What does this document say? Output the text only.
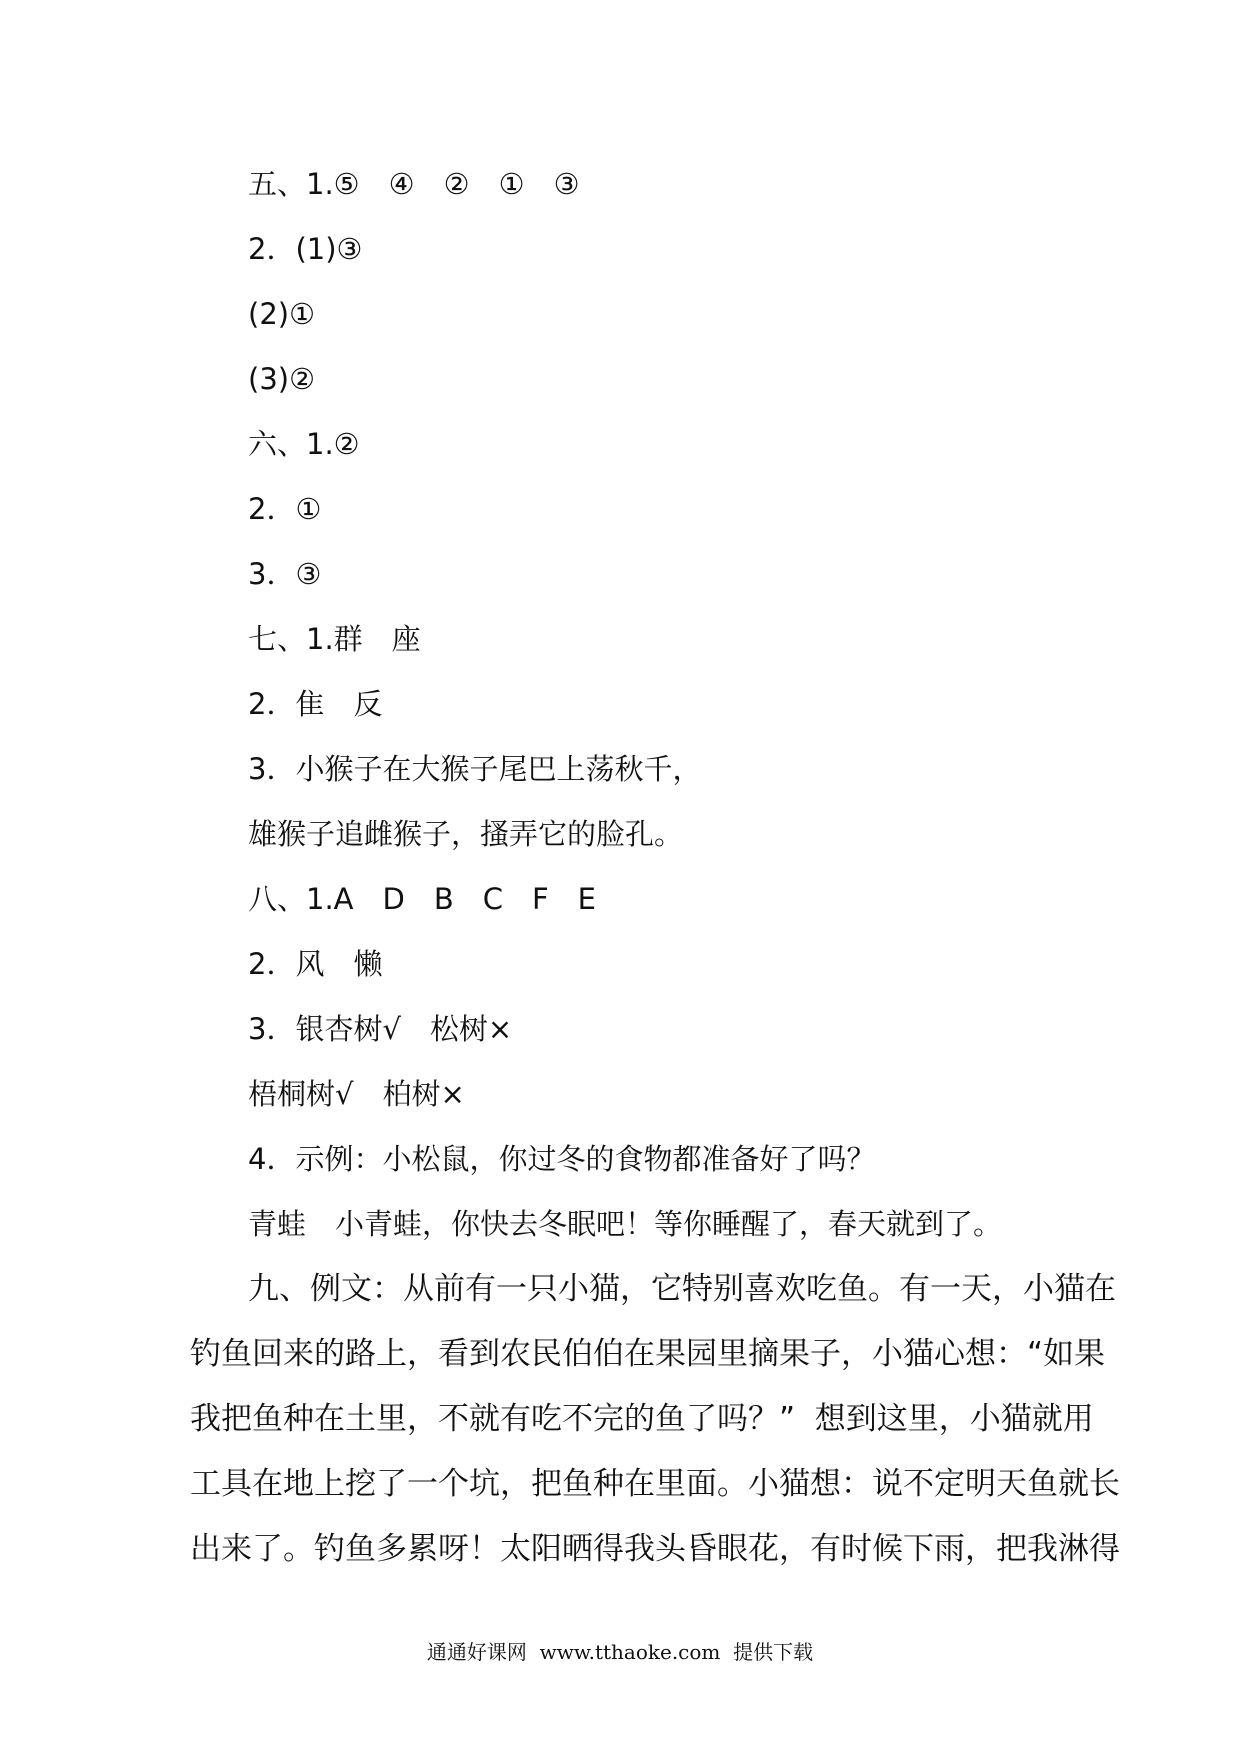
五、1.⑤　④　②　①　③
2．(1)③
(2)①
(3)②
六、1.②
2．①
3．③
七、1.群　座
2．隹　反
3．小猴子在大猴子尾巴上荡秋千，
雄猴子追雌猴子，搔弄它的脸孔。
八、1.A　D　B　C　F　E
2．风　懒
3．银杏树√　松树×
梧桐树√　柏树×
4．示例：小松鼠，你过冬的食物都准备好了吗？
青蛙　小青蛙，你快去冬眠吧！等你睡醒了，春天就到了。
九、例文：从前有一只小猫，它特别喜欢吃鱼。有一天，小猫在
钓鱼回来的路上，看到农民伯伯在果园里摘果子，小猫心想：“如果
我把鱼种在土里，不就有吃不完的鱼了吗？”  想到这里，小猫就用
工具在地上挖了一个坑，把鱼种在里面。小猫想：说不定明天鱼就长
出来了。钓鱼多累呀！太阳晒得我头昏眼花，有时候下雨，把我淋得
通通好课网  www.tthaoke.com  提供下载
